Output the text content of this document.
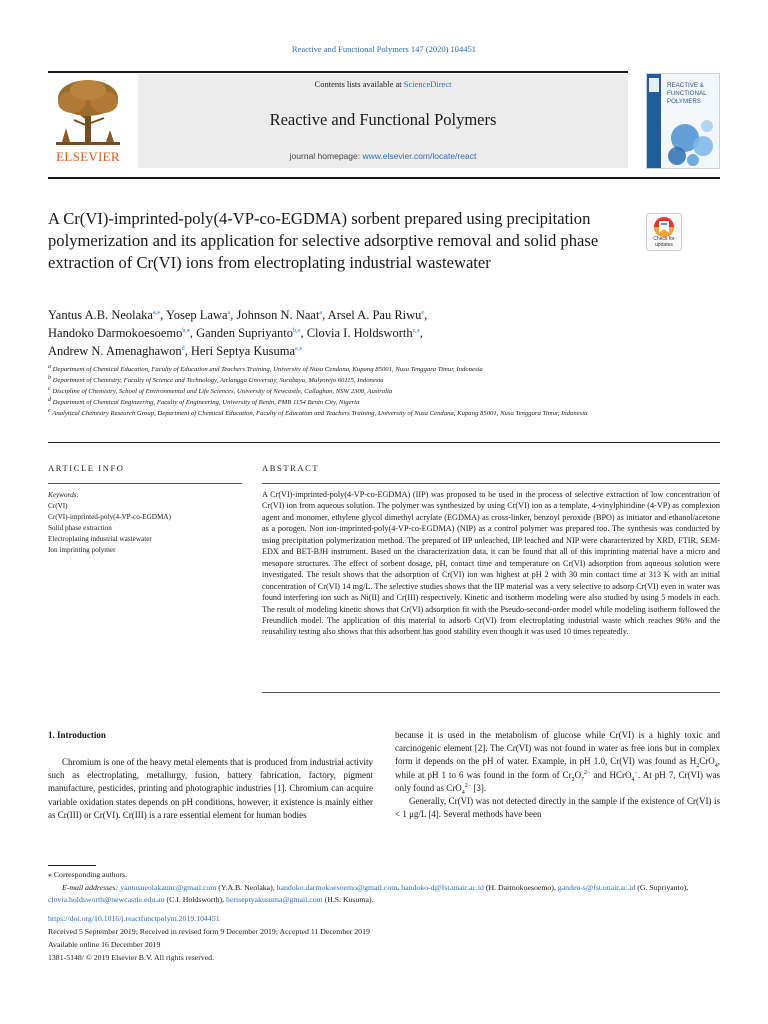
Reactive and Functional Polymers 147 (2020) 104451
ELSEVIER
Contents lists available at ScienceDirect
Reactive and Functional Polymers
journal homepage: www.elsevier.com/locate/react
REACTIVE &
FUNCTIONAL
POLYMERS
A Cr(VI)-imprinted-poly(4-VP-co-EGDMA) sorbent prepared using precipitation polymerization and its application for selective adsorptive removal and solid phase extraction of Cr(VI) ions from electroplating industrial wastewater
Check for updates
Yantus A.B. Neolaka$^{a,⁎}$, Yosep Lawa$^a$, Johnson N. Naat$^a$, Arsel A. Pau Riwu$^e$,
Handoko Darmokoesoemo$^{b,⁎}$, Ganden Supriyanto$^{b,⁎}$, Clovia I. Holdsworth$^{c,⁎}$,
Andrew N. Amenaghawon$^d$, Heri Septya Kusuma$^{e,⁎}$
$^a$ Department of Chemical Education, Faculty of Education and Teachers Training, University of Nusa Cendana, Kupang 85001, Nusa Tenggara Timur, Indonesia
$^b$ Department of Chemistry, Faculty of Science and Technology, Airlangga University, Surabaya, Mulyorejo 60115, Indonesia
$^c$ Discipline of Chemistry, School of Environmental and Life Sciences, University of Newcastle, Callaghan, NSW 2308, Australia
$^d$ Department of Chemical Engineering, Faculty of Engineering, University of Benin, PMB 1154 Benin City, Nigeria
$^e$ Analytical Chemistry Research Group, Department of Chemical Education, Faculty of Education and Teachers Training, University of Nusa Cendana, Kupang 85001, Nusa Tenggara Timur, Indonesia
ARTICLE INFO	ABSTRACT
Keywords:
Cr(VI)
Cr(VI)-imprinted-poly(4-VP-co-EGDMA)
Solid phase extraction
Electroplating industrial wastewater
Ion imprinting polymer
A Cr(VI)-imprinted-poly(4-VP-co-EGDMA) (IIP) was proposed to be used in the process of selective extraction of low concentration of Cr(VI) ion from aqueous solution. The polymer was synthesized by using Cr(VI) ion as a template, 4-vinylphiridine (4-VP) as complexion agent and monomer, ethylene glycol dimethyl acrylate (EGDMA) as cross-linker, benzoyl peroxide (BPO) as initiator and ethanol/acetone as a porogen. Non ion-imprinted-poly(4-VP-co-EGDMA) (NIP) as a control polymer was prepared too. The synthesis was conducted by using precipitation polymerization method. The prepared of IIP unleached, IIP leached and NIP were characterized by XRD, FTIR, SEM-EDX and BET-BJH instrument. Based on the characterization data, it can be found that all of this imprinting material have a micro and mesopore structures. The effect of sorbent dosage, pH, contact time and temperature on Cr(VI) adsorption from aqueous solution were investigated. The result shows that the adsorption of Cr(VI) ion was highest at pH 2 with 30 min contact time at 313 K with an initial concentration of Cr(VI) 14 mg/L. The selective studies shows that the IIP material was a very selective to adsorp Cr(VI) even in water was found interfering ion such as Ni(II) and Cr(III) respectively. Kinetic and isotherm modeling were also studied by using 5 models in each. The result of modeling kinetic shows that Cr(VI) adsorption fit with the Pseudo-second-order model while modeling isotherm followed the Freundlich model. The application of this material to adsorb Cr(VI) from electroplating industrial waste which reaches 96% and the reusability testing also shows that this adsorbent has good stability even though it was used 10 times repeatedly.
1. Introduction

Chromium is one of the heavy metal elements that is produced from industrial activity such as electroplating, metallurgy, fusion, battery fabrication, factory, pigment manufacture, pesticides, printing and photographic industries [1]. Chromium can acquire variable oxidation states depends on pH conditions, however, it existence is mainly either as Cr(III) or Cr(VI). Cr(III) is a rare essential element for human bodies

because it is used in the metabolism of glucose while Cr(VI) is a highly toxic and carcinogenic element [2]. The Cr(VI) was not found in water as free ions but in complex form it depends on the pH of water. Example, in pH 1.0, Cr(VI) was found as $H_2CrO_4$, while at pH 1 to 6 was found in the form of $Cr_2O_7^{2-}$ and HCrO$_4$−. At pH 7, Cr(VI) was only found as CrO$_4^{2-}$ [3].

Generally, Cr(VI) was not detected directly in the sample if the existence of Cr(VI) is < 1 μg/L [4]. Several methods have been

⁎ Corresponding authors.
E-mail addresses: yantusneolakaunc@gmail.com (Y.A.B. Neolaka), handoko.darmokoesoemo@gmail.com, handoko-d@fst.unair.ac.id (H. Darmokoesoemo), ganden-s@fst.unair.ac.id (G. Supriyanto), clovia.holdsworth@newcastle.edu.au (C.I. Holdsworth), heriseptyakusuma@gmail.com (H.S. Kusuma).
https://doi.org/10.1016/j.reactfunctpolym.2019.104451
Received 5 September 2019; Received in revised form 9 December 2019; Accepted 11 December 2019
Available online 16 December 2019
1381-5148/ © 2019 Elsevier B.V. All rights reserved.
